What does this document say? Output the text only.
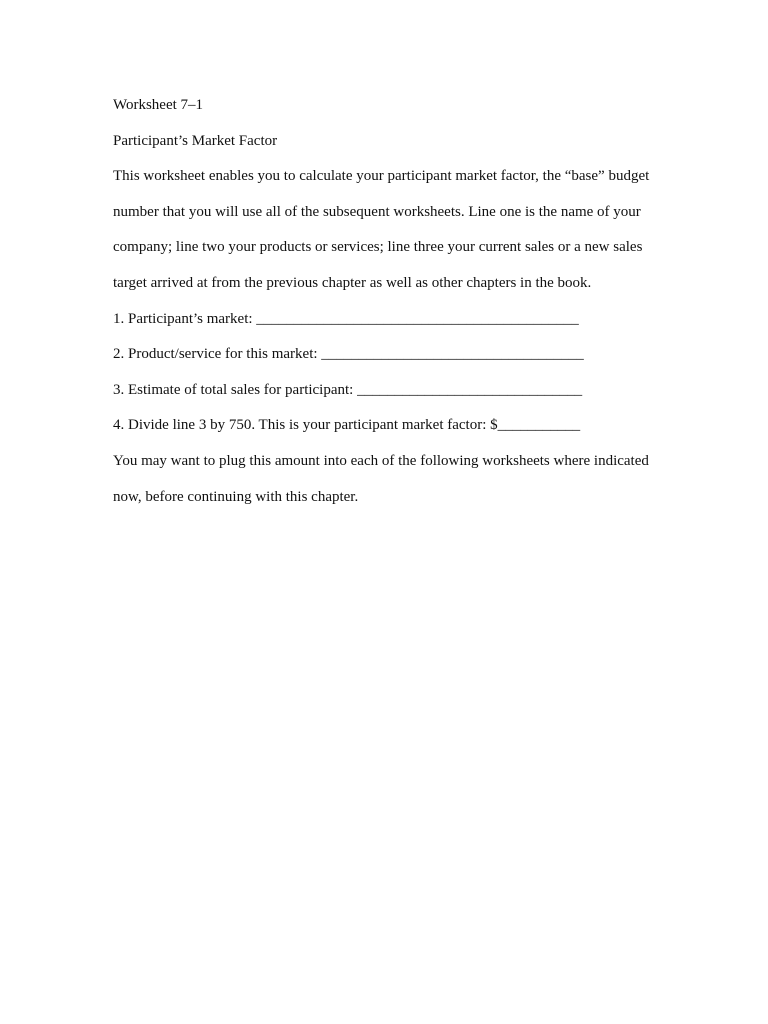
Worksheet 7–1

Participant’s Market Factor

This worksheet enables you to calculate your participant market factor, the “base” budget

number that you will use all of the subsequent worksheets. Line one is the name of your

company; line two your products or services; line three your current sales or a new sales

target arrived at from the previous chapter as well as other chapters in the book.

1. Participant’s market: ___________________________________________

2. Product/service for this market: ___________________________________

3. Estimate of total sales for participant: ______________________________

4. Divide line 3 by 750. This is your participant market factor: $___________

You may want to plug this amount into each of the following worksheets where indicated

now, before continuing with this chapter.
